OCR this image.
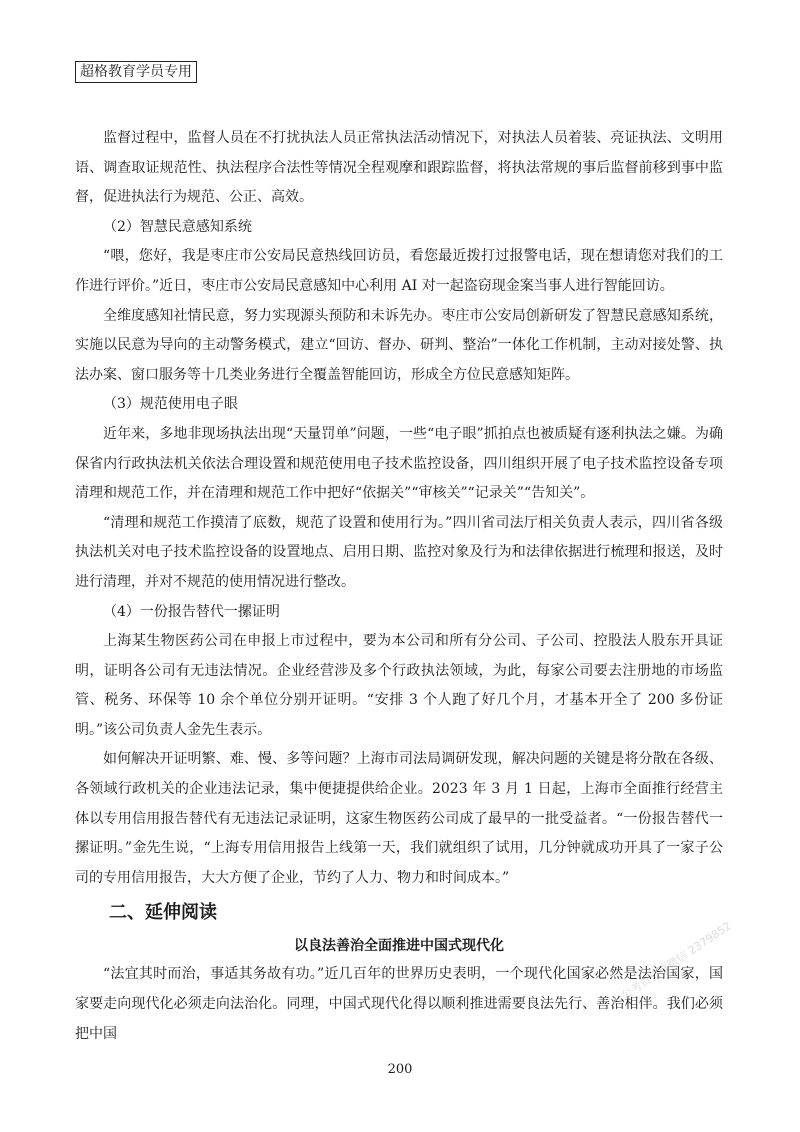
超格教育学员专用

监督过程中，监督人员在不打扰执法人员正常执法活动情况下，对执法人员着装、亮证执法、文明用语、调查取证规范性、执法程序合法性等情况全程观摩和跟踪监督，将执法常规的事后监督前移到事中监督，促进执法行为规范、公正、高效。

（2）智慧民意感知系统

“喂，您好，我是枣庄市公安局民意热线回访员，看您最近拨打过报警电话，现在想请您对我们的工作进行评价。”近日，枣庄市公安局民意感知中心利用 AI 对一起盗窃现金案当事人进行智能回访。

全维度感知社情民意，努力实现源头预防和未诉先办。枣庄市公安局创新研发了智慧民意感知系统，实施以民意为导向的主动警务模式，建立“回访、督办、研判、整治”一体化工作机制，主动对接处警、执法办案、窗口服务等十几类业务进行全覆盖智能回访，形成全方位民意感知矩阵。

（3）规范使用电子眼

近年来，多地非现场执法出现“天量罚单”问题，一些“电子眼”抓拍点也被质疑有逐利执法之嫌。为确保省内行政执法机关依法合理设置和规范使用电子技术监控设备，四川组织开展了电子技术监控设备专项清理和规范工作，并在清理和规范工作中把好“依据关”“审核关”“记录关”“告知关”。

“清理和规范工作摸清了底数，规范了设置和使用行为。”四川省司法厅相关负责人表示，四川省各级执法机关对电子技术监控设备的设置地点、启用日期、监控对象及行为和法律依据进行梳理和报送，及时进行清理，并对不规范的使用情况进行整改。

（4）一份报告替代一摞证明

上海某生物医药公司在申报上市过程中，要为本公司和所有分公司、子公司、控股法人股东开具证明，证明各公司有无违法情况。企业经营涉及多个行政执法领域，为此，每家公司要去注册地的市场监管、税务、环保等 10 余个单位分别开证明。“安排 3 个人跑了好几个月，才基本开全了 200 多份证明。”该公司负责人金先生表示。

如何解决开证明繁、难、慢、多等问题？上海市司法局调研发现，解决问题的关键是将分散在各级、各领域行政机关的企业违法记录，集中便捷提供给企业。2023 年 3 月 1 日起，上海市全面推行经营主体以专用信用报告替代有无违法记录证明，这家生物医药公司成了最早的一批受益者。“一份报告替代一摞证明。”金先生说，“上海专用信用报告上线第一天，我们就组织了试用，几分钟就成功开具了一家子公司的专用信用报告，大大方便了企业，节约了人力、物力和时间成本。”

二、延伸阅读
以良法善治全面推进中国式现代化

“法宜其时而治，事适其务故有功。”近几百年的世界历史表明，一个现代化国家必然是法治国家，国家要走向现代化必须走向法治化。同理，中国式现代化得以顺利推进需要良法先行、善治相伴。我们必须把中国

公考资料群微信 2379852
200
